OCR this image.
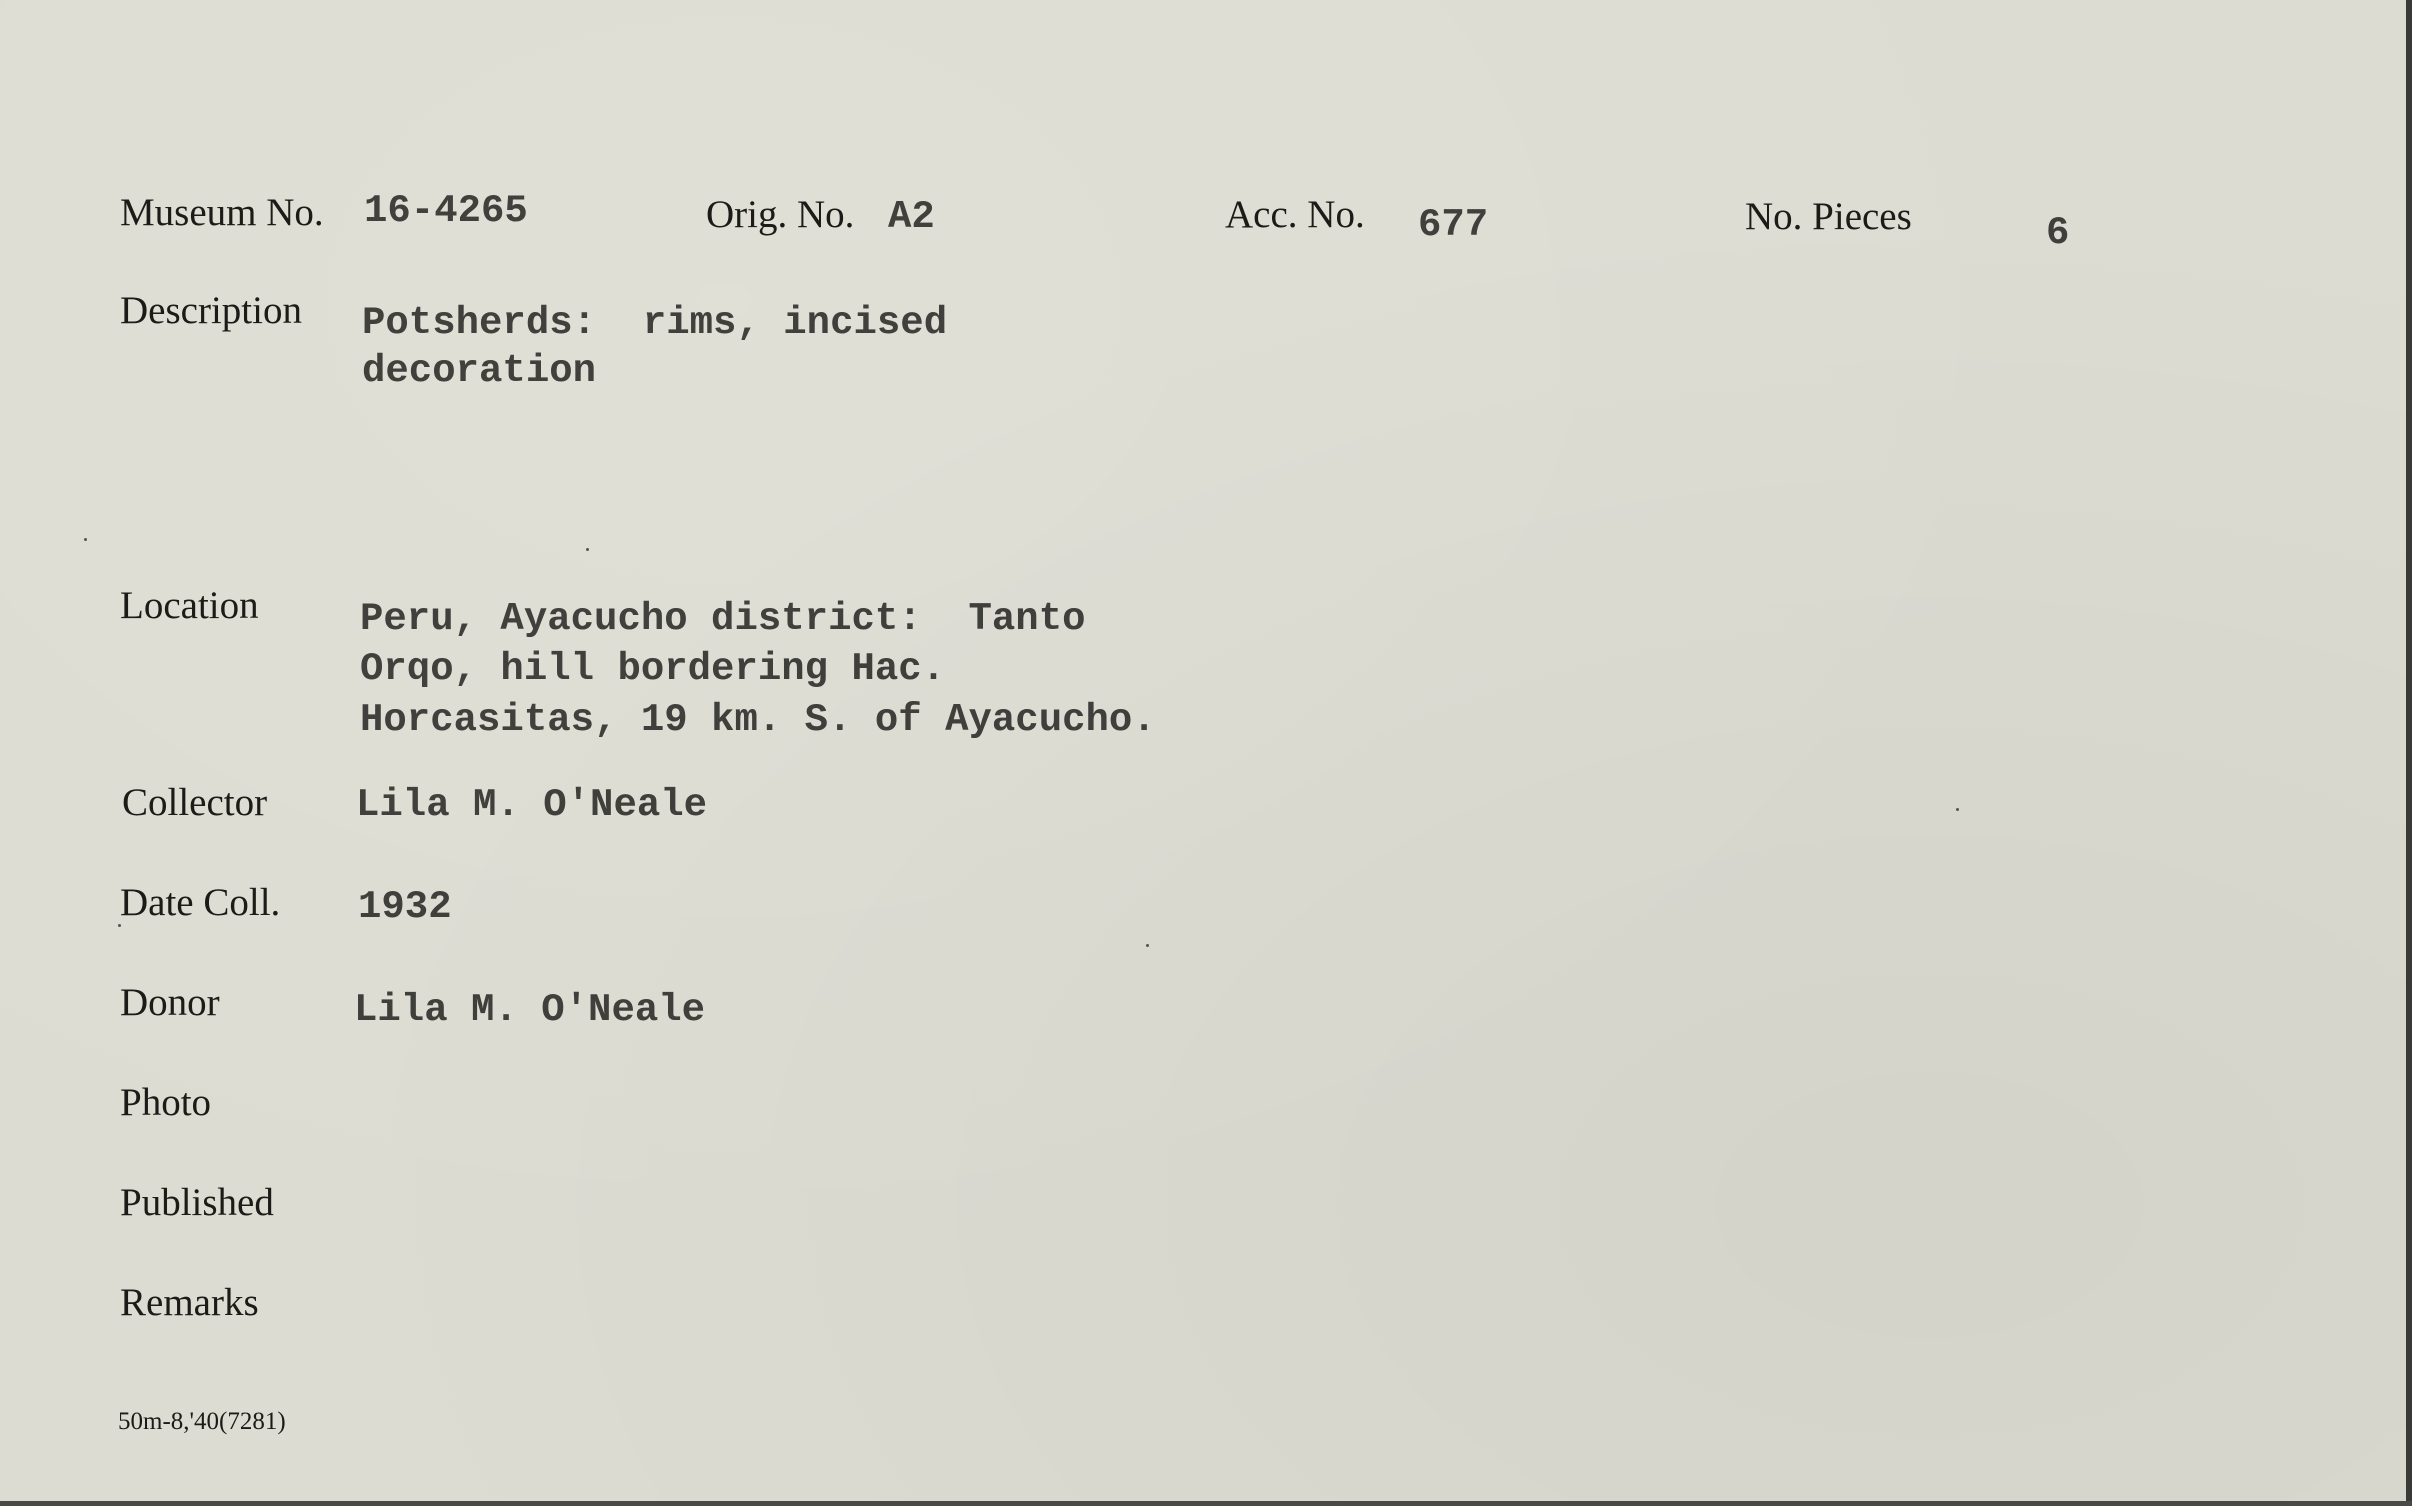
Museum No. 16-4265	Orig. No. A2	Acc. No. 677	No. Pieces	6
Description Potsherds:  rims, incised
decoration
Location	Peru, Ayacucho district:  Tanto
Orqo, hill bordering Hac.
Horcasitas, 19 km. S. of Ayacucho.
Collector Lila M. O'Neale
Date Coll. 1932
Donor	Lila M. O'Neale
Photo
Published
Remarks
50m-8,'40(7281)
